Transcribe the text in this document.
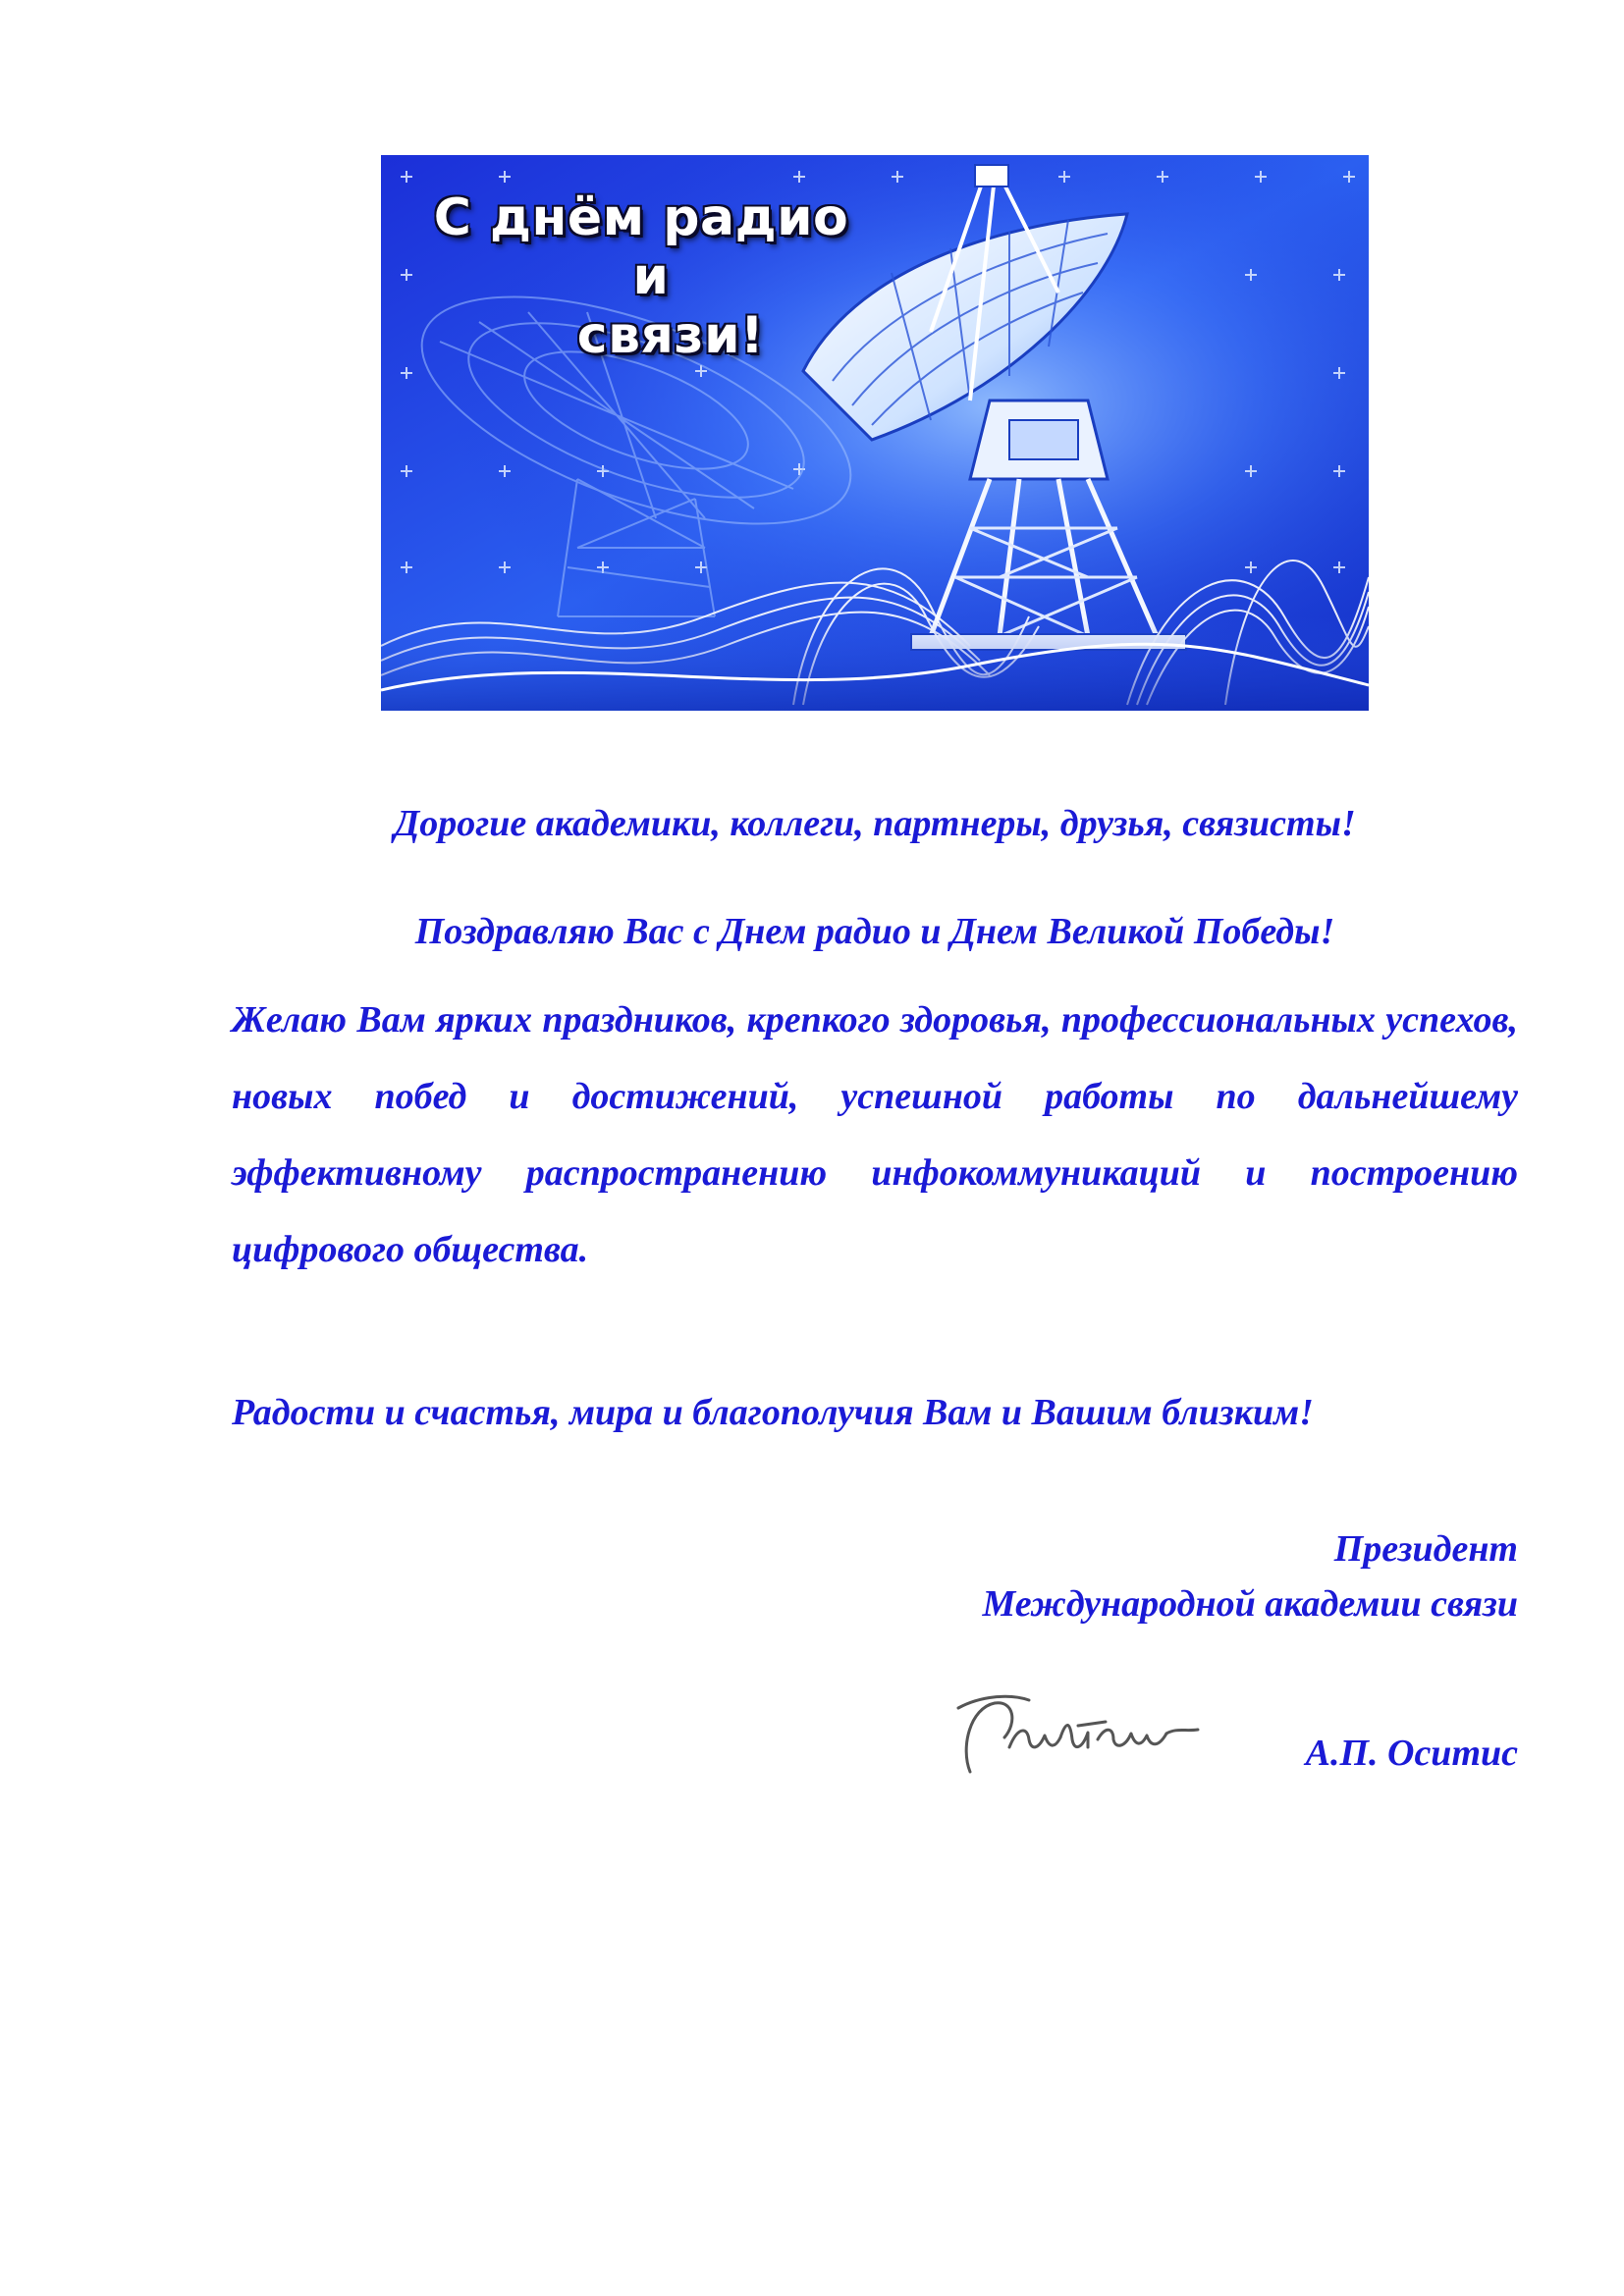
С днём радио
и
связи!
Дорогие академики, коллеги, партнеры, друзья, связисты!
Поздравляю Вас с Днем радио и Днем Великой Победы!
Желаю Вам ярких праздников, крепкого здоровья, профессиональных успехов, новых побед и достижений, успешной работы по дальнейшему эффективному распространению инфокоммуникаций и построению цифрового общества.
Радости и счастья, мира и благополучия Вам и Вашим близким!
Президент
Международной академии связи
А.П. Оситис
